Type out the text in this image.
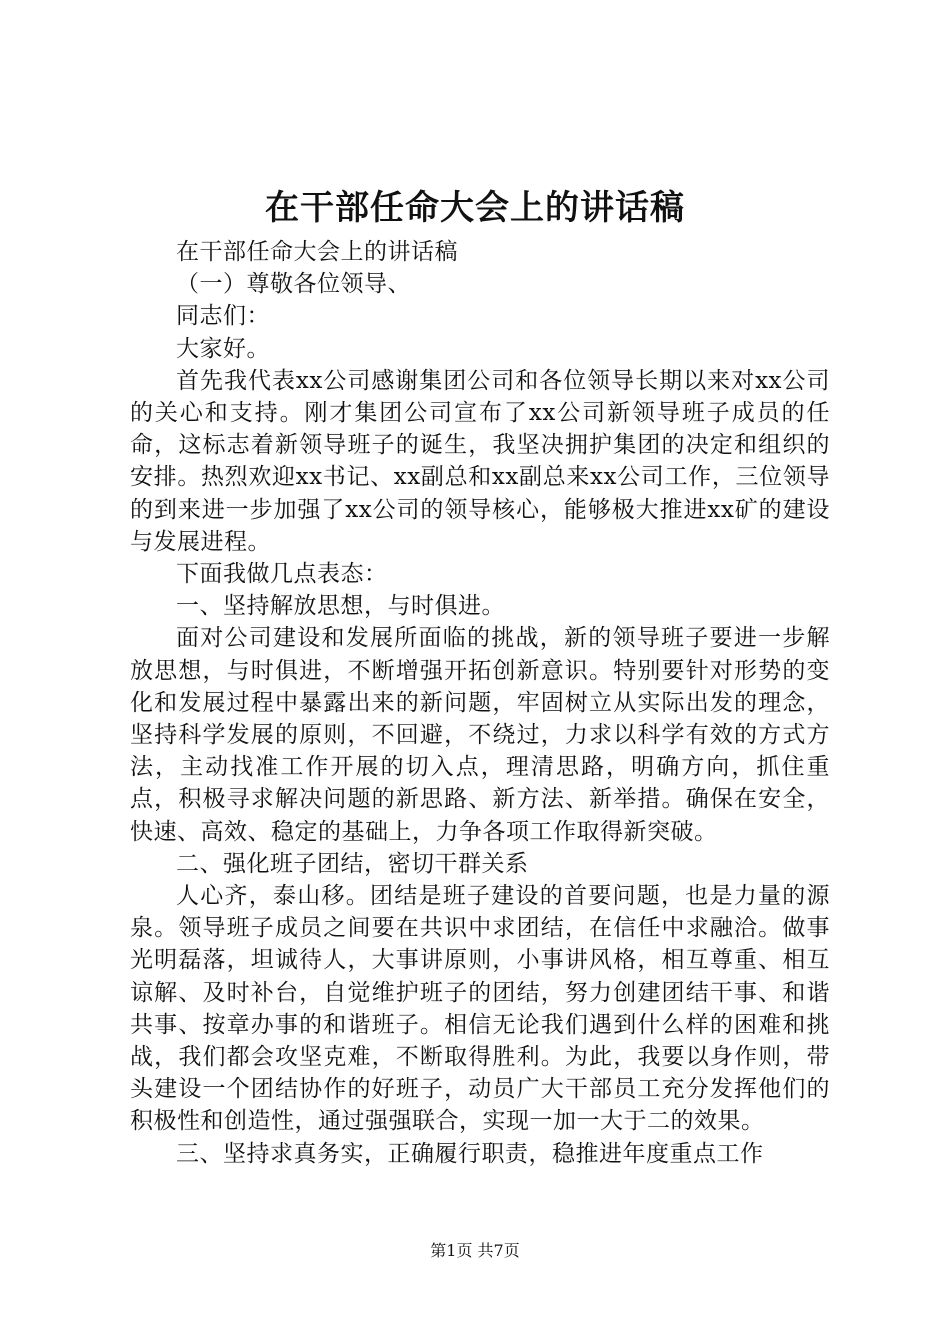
在干部任命大会上的讲话稿

在干部任命大会上的讲话稿

（一）尊敬各位领导、

同志们：

大家好。

首先我代表xx公司感谢集团公司和各位领导长期以来对xx公司的关心和支持。刚才集团公司宣布了xx公司新领导班子成员的任命，这标志着新领导班子的诞生，我坚决拥护集团的决定和组织的安排。热烈欢迎xx书记、xx副总和xx副总来xx公司工作，三位领导的到来进一步加强了xx公司的领导核心，能够极大推进xx矿的建设与发展进程。

下面我做几点表态：

一、坚持解放思想，与时俱进。

面对公司建设和发展所面临的挑战，新的领导班子要进一步解放思想，与时俱进，不断增强开拓创新意识。特别要针对形势的变化和发展过程中暴露出来的新问题，牢固树立从实际出发的理念，坚持科学发展的原则，不回避，不绕过，力求以科学有效的方式方法，主动找准工作开展的切入点，理清思路，明确方向，抓住重点，积极寻求解决问题的新思路、新方法、新举措。确保在安全，快速、高效、稳定的基础上，力争各项工作取得新突破。

二、强化班子团结，密切干群关系

人心齐，泰山移。团结是班子建设的首要问题，也是力量的源泉。领导班子成员之间要在共识中求团结，在信任中求融洽。做事光明磊落，坦诚待人，大事讲原则，小事讲风格，相互尊重、相互谅解、及时补台，自觉维护班子的团结，努力创建团结干事、和谐共事、按章办事的和谐班子。相信无论我们遇到什么样的困难和挑战，我们都会攻坚克难，不断取得胜利。为此，我要以身作则，带头建设一个团结协作的好班子，动员广大干部员工充分发挥他们的积极性和创造性，通过强强联合，实现一加一大于二的效果。

三、坚持求真务实，正确履行职责，稳推进年度重点工作

第1页 共7页
